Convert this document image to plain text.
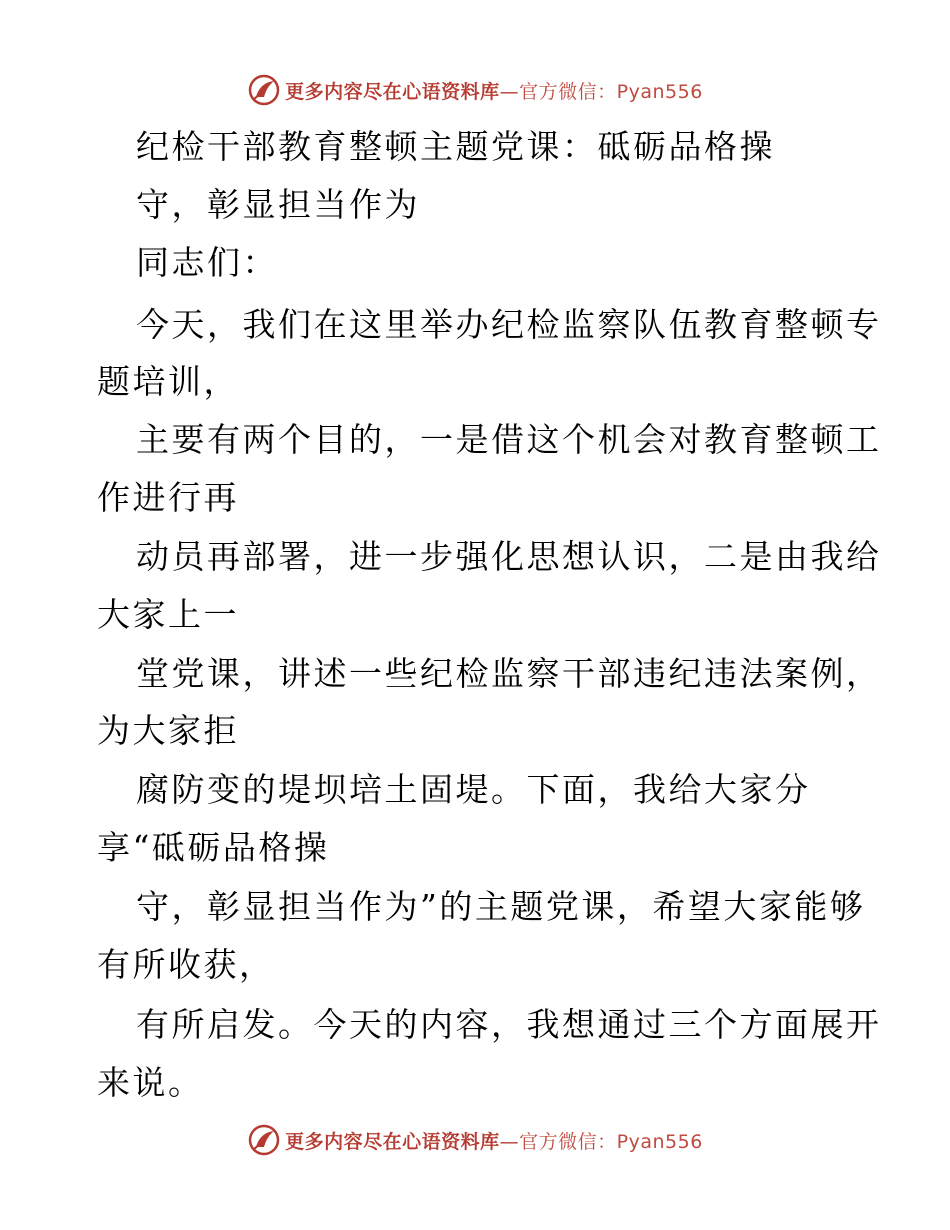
更多内容尽在心语资料库—官方微信：Pyan556
纪检干部教育整顿主题党课：砥砺品格操
守，彰显担当作为
同志们：
今天，我们在这里举办纪检监察队伍教育整顿专
题培训，
主要有两个目的，一是借这个机会对教育整顿工
作进行再
动员再部署，进一步强化思想认识，二是由我给
大家上一
堂党课，讲述一些纪检监察干部违纪违法案例，
为大家拒
腐防变的堤坝培土固堤。下面，我给大家分
享“砥砺品格操
守，彰显担当作为”的主题党课，希望大家能够
有所收获，
有所启发。今天的内容，我想通过三个方面展开
来说。
更多内容尽在心语资料库—官方微信：Pyan556
